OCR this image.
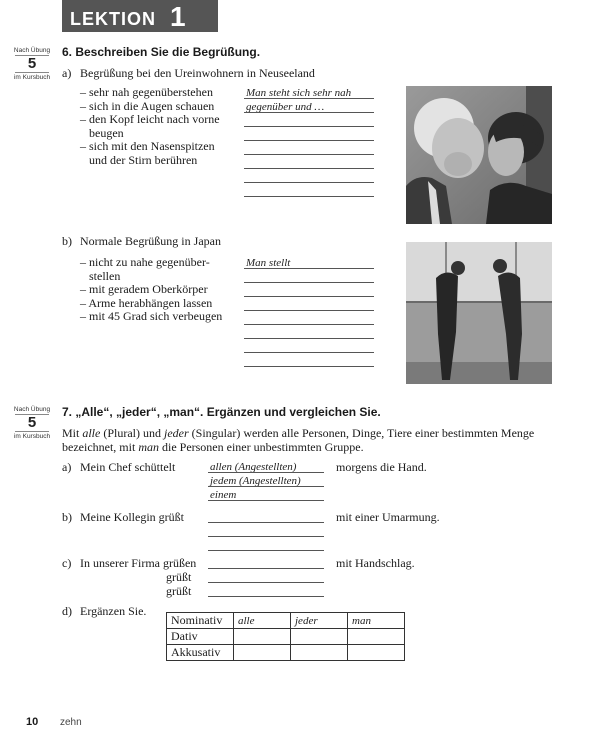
LEKTION 1
Nach Übung
5
im Kursbuch
6. Beschreiben Sie die Begrüßung.
a) Begrüßung bei den Ureinwohnern in Neuseeland
– sehr nah gegenüberstehen
– sich in die Augen schauen
– den Kopf leicht nach vorne
beugen
– sich mit den Nasenspitzen
und der Stirn berühren
Man steht sich sehr nah
gegenüber und …
b) Normale Begrüßung in Japan
– nicht zu nahe gegenüber-
stellen
– mit geradem Oberkörper
– Arme herabhängen lassen
– mit 45 Grad sich verbeugen
Man stellt
Nach Übung
5
im Kursbuch
7. „Alle“, „jeder“, „man“. Ergänzen und vergleichen Sie.
Mit alle (Plural) und jeder (Singular) werden alle Personen, Dinge, Tiere einer bestimmten Menge
bezeichnet, mit man die Personen einer unbestimmten Gruppe.
a) Mein Chef schüttelt	allen (Angestellten)
jedem (Angestellten)
einem
morgens die Hand.
b) Meine Kollegin grüßt	mit einer Umarmung.
c) In unserer Firma grüßen
grüßt
grüßt
mit Handschlag.
d) Ergänzen Sie.
Nominativ	alle	jeder	man
Dativ			
Akkusativ			
10 zehn
